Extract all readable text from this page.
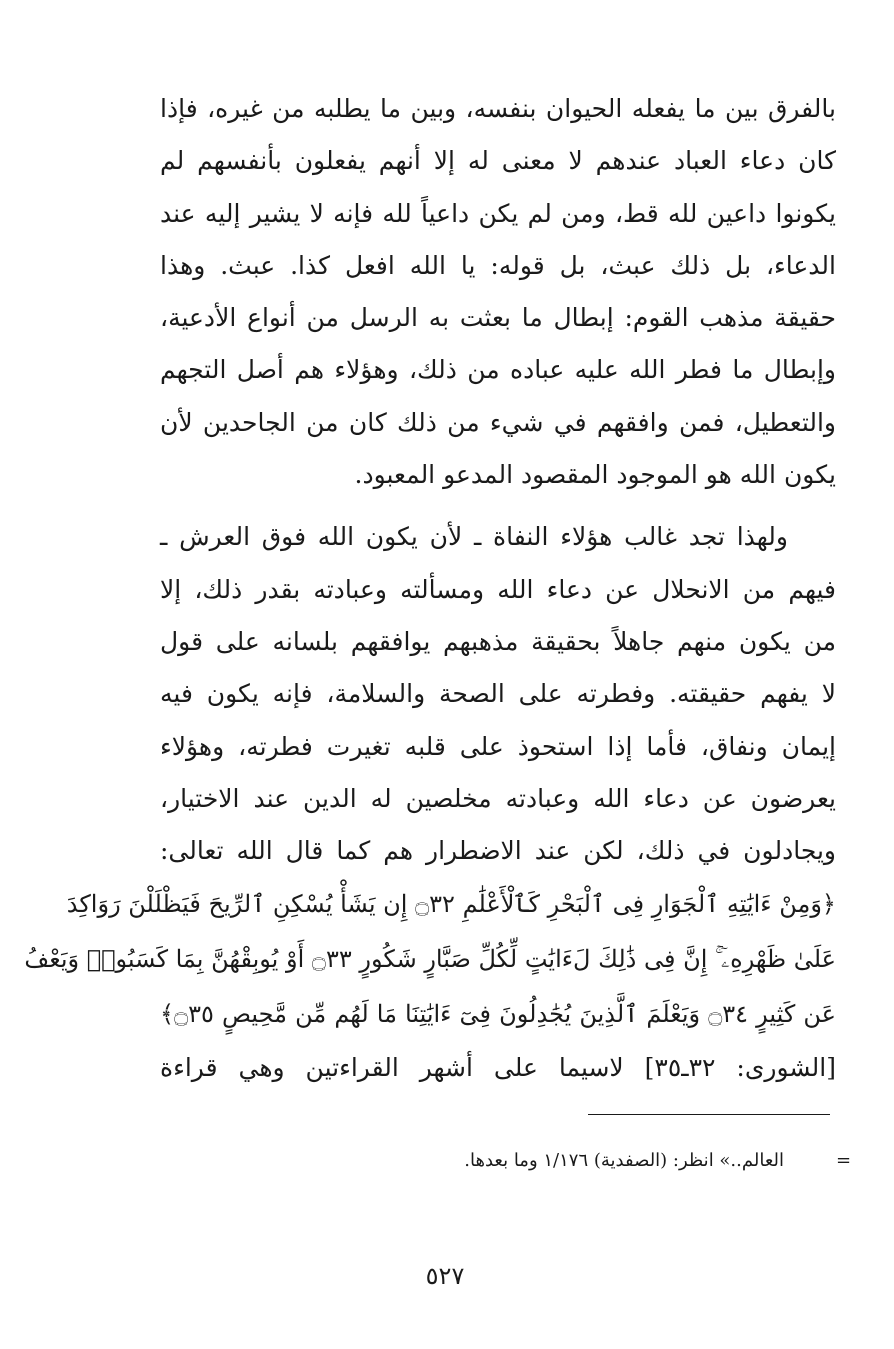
بالفرق بين ما يفعله الحيوان بنفسه، وبين ما يطلبه من غيره، فإذا
كان دعاء العباد عندهم لا معنى له إلا أنهم يفعلون بأنفسهم لم
يكونوا داعين لله قط، ومن لم يكن داعياً لله فإنه لا يشير إليه عند
الدعاء، بل ذلك عبث، بل قوله: يا الله افعل كذا. عبث. وهذا
حقيقة مذهب القوم: إبطال ما بعثت به الرسل من أنواع الأدعية،
وإبطال ما فطر الله عليه عباده من ذلك، وهؤلاء هم أصل التجهم
والتعطيل، فمن وافقهم في شيء من ذلك كان من الجاحدين لأن
يكون الله هو الموجود المقصود المدعو المعبود.
ولهذا تجد غالب هؤلاء النفاة ـ لأن يكون الله فوق العرش ـ
فيهم من الانحلال عن دعاء الله ومسألته وعبادته بقدر ذلك، إلا
من يكون منهم جاهلاً بحقيقة مذهبهم يوافقهم بلسانه على قول
لا يفهم حقيقته. وفطرته على الصحة والسلامة، فإنه يكون فيه
إيمان ونفاق، فأما إذا استحوذ على قلبه تغيرت فطرته، وهؤلاء
يعرضون عن دعاء الله وعبادته مخلصين له الدين عند الاختيار،
ويجادلون في ذلك، لكن عند الاضطرار هم كما قال الله تعالى:
﴿وَمِنْ ءَايَٰتِهِ ٱلْجَوَارِ فِى ٱلْبَحْرِ كَٱلْأَعْلَٰمِ ۝٣٢ إِن يَشَأْ يُسْكِنِ ٱلرِّيحَ فَيَظْلَلْنَ رَوَاكِدَ
عَلَىٰ ظَهْرِهِۦٓ ۚ إِنَّ فِى ذَٰلِكَ لَءَايَٰتٍ لِّكُلِّ صَبَّارٍ شَكُورٍ ۝٣٣ أَوْ يُوبِقْهُنَّ بِمَا كَسَبُوا۟ وَيَعْفُ
عَن كَثِيرٍ ۝٣٤ وَيَعْلَمَ ٱلَّذِينَ يُجَٰدِلُونَ فِىٓ ءَايَٰتِنَا مَا لَهُم مِّن مَّحِيصٍ ۝٣٥﴾
[الشورى: ٣٢ـ٣٥] لاسيما على أشهر القراءتين وهي قراءة
=
العالم..» انظر: (الصفدية) ١/١٧٦ وما بعدها.
٥٢٧
